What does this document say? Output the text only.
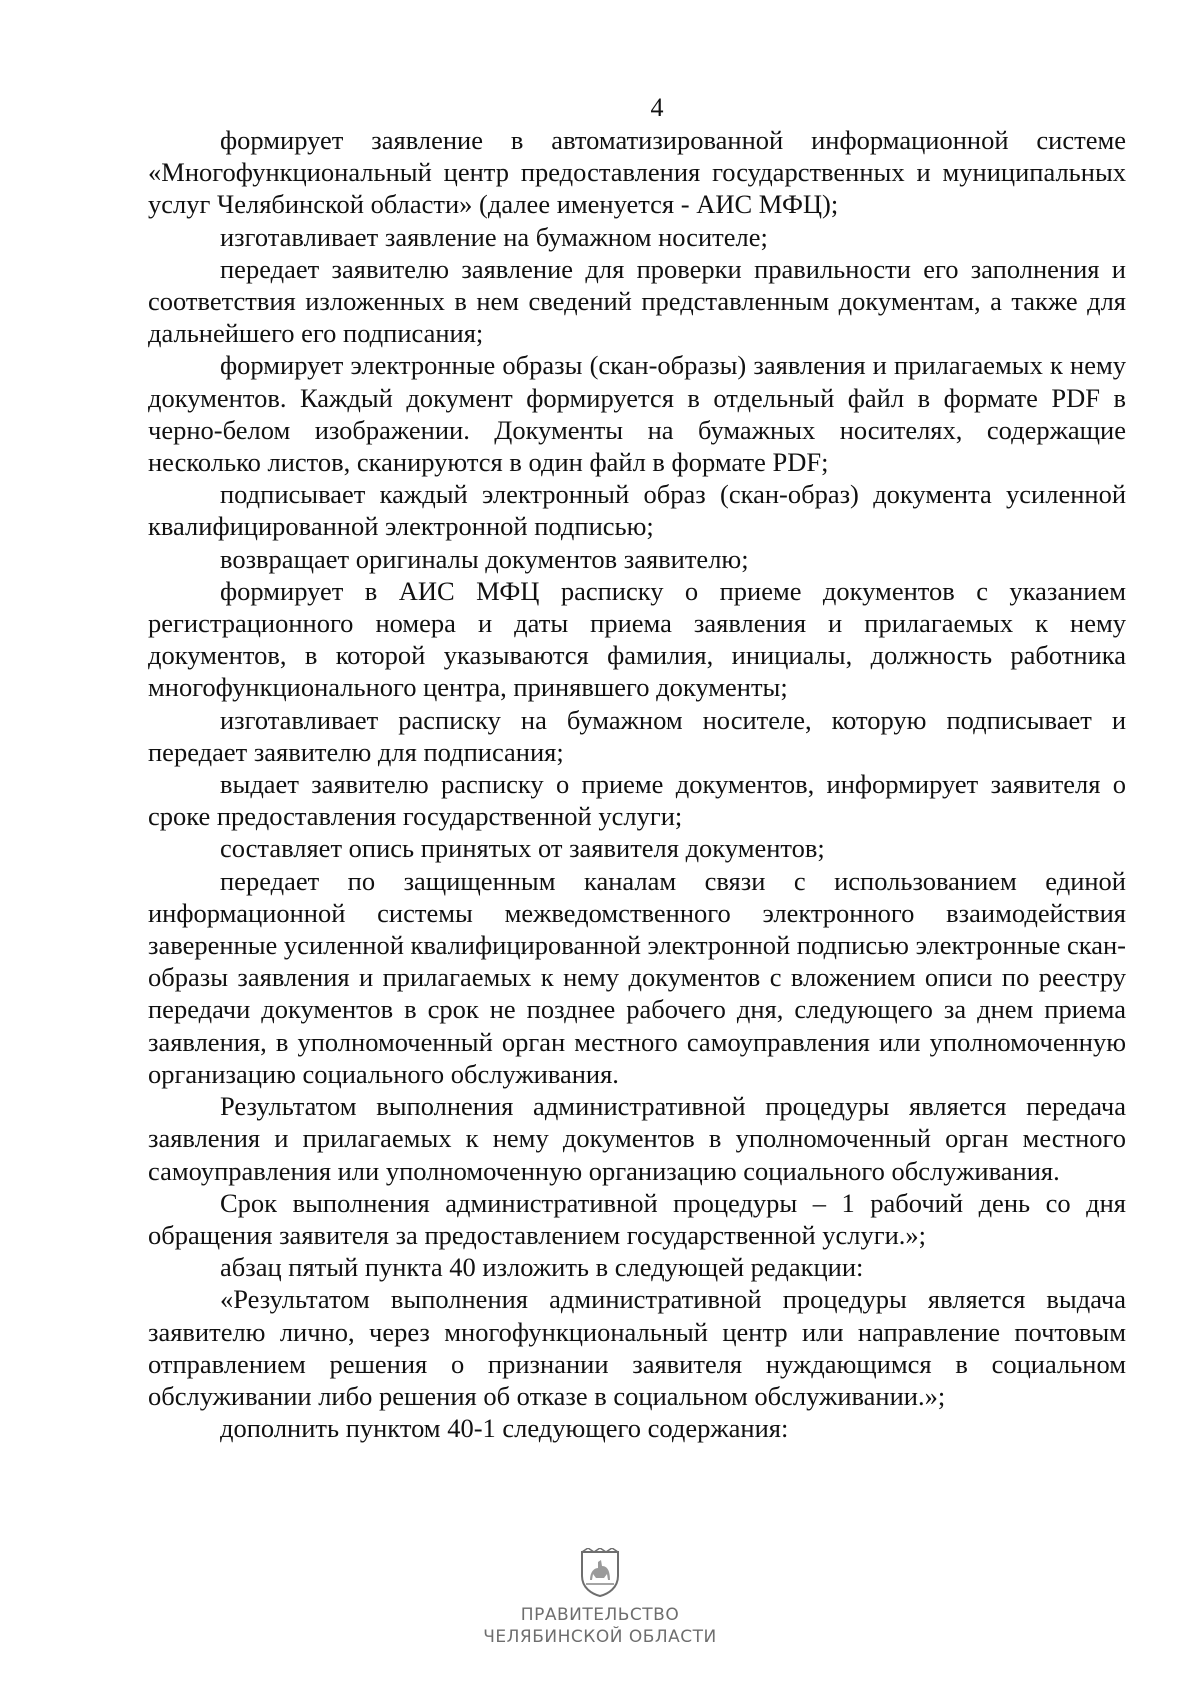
4

формирует заявление в автоматизированной информационной системе «Многофункциональный центр предоставления государственных и муниципальных услуг Челябинской области» (далее именуется - АИС МФЦ);

изготавливает заявление на бумажном носителе;

передает заявителю заявление для проверки правильности его заполнения и соответствия изложенных в нем сведений представленным документам, а также для дальнейшего его подписания;

формирует электронные образы (скан-образы) заявления и прилагаемых к нему документов. Каждый документ формируется в отдельный файл в формате PDF в черно-белом изображении. Документы на бумажных носителях, содержащие несколько листов, сканируются в один файл в формате PDF;

подписывает каждый электронный образ (скан-образ) документа усиленной квалифицированной электронной подписью;

возвращает оригиналы документов заявителю;

формирует в АИС МФЦ расписку о приеме документов с указанием регистрационного номера и даты приема заявления и прилагаемых к нему документов, в которой указываются фамилия, инициалы, должность работника многофункционального центра, принявшего документы;

изготавливает расписку на бумажном носителе, которую подписывает и передает заявителю для подписания;

выдает заявителю расписку о приеме документов, информирует заявителя о сроке предоставления государственной услуги;

составляет опись принятых от заявителя документов;

передает по защищенным каналам связи с использованием единой информационной системы межведомственного электронного взаимодействия заверенные усиленной квалифицированной электронной подписью электронные скан-образы заявления и прилагаемых к нему документов с вложением описи по реестру передачи документов в срок не позднее рабочего дня, следующего за днем приема заявления, в уполномоченный орган местного самоуправления или уполномоченную организацию социального обслуживания.

Результатом выполнения административной процедуры является передача заявления и прилагаемых к нему документов в уполномоченный орган местного самоуправления или уполномоченную организацию социального обслуживания.

Срок выполнения административной процедуры – 1 рабочий день со дня обращения заявителя за предоставлением государственной услуги.»;

абзац пятый пункта 40 изложить в следующей редакции:

«Результатом выполнения административной процедуры является выдача заявителю лично, через многофункциональный центр или направление почтовым отправлением решения о признании заявителя нуждающимся в социальном обслуживании либо решения об отказе в социальном обслуживании.»;

дополнить пунктом 40-1 следующего содержания:

ПРАВИТЕЛЬСТВО
ЧЕЛЯБИНСКОЙ ОБЛАСТИ
